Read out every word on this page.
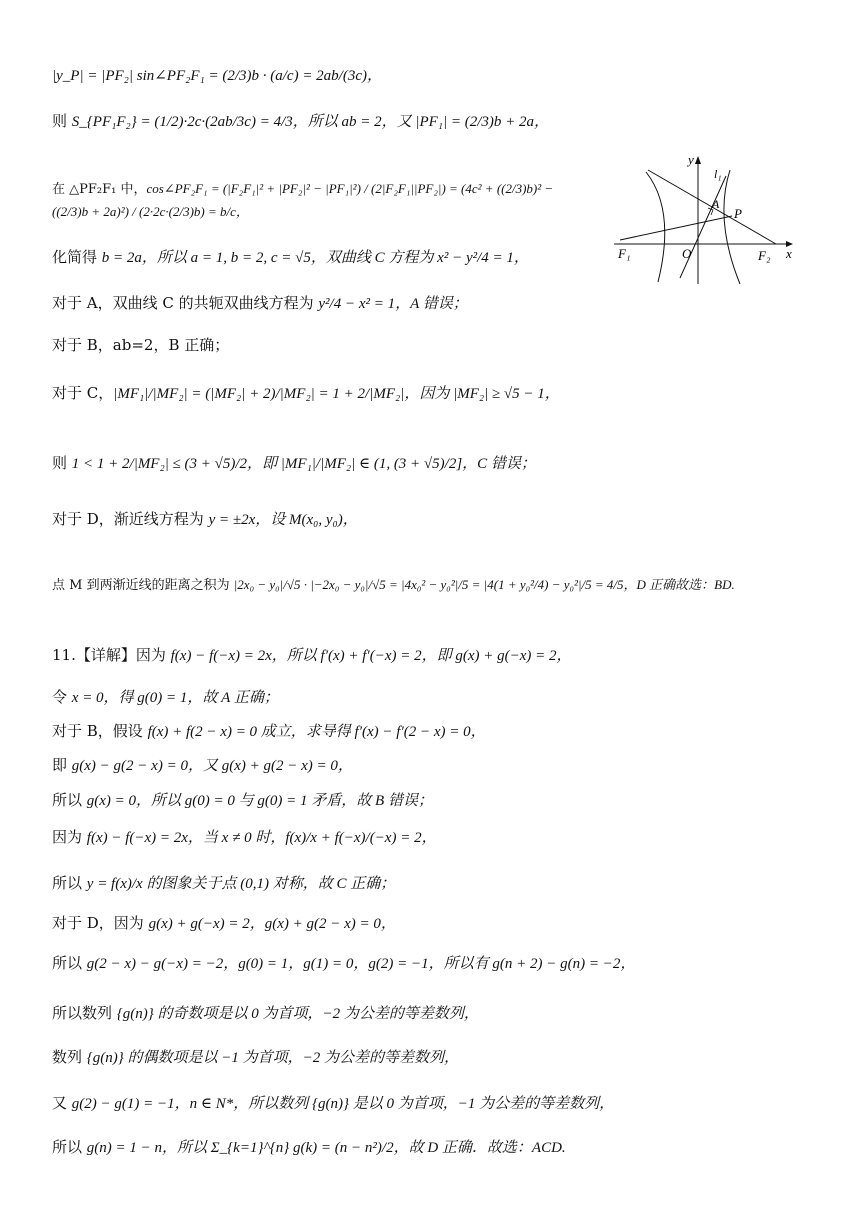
|y_P| = |PF₂| sin∠PF₂F₁ = (2/3)b · (a/c) = 2ab/(3c)，
则 S_{PF₁F₂} = (1/2)·2c·(2ab/3c) = 4/3，所以 ab = 2，又 |PF₁| = (2/3)b + 2a，
在 △PF₂F₁ 中，cos∠PF₂F₁ = (|F₂F₁|² + |PF₂|² − |PF₁|²) / (2|F₂F₁||PF₂|) = (4c² + ((2/3)b)² − ((2/3)b + 2a)²) / (2·2c·(2/3)b) = b/c，
化简得 b = 2a，所以 a = 1, b = 2, c = √5，双曲线 C 方程为 x² − y²/4 = 1，
对于 A，双曲线 C 的共轭双曲线方程为 y²/4 − x² = 1，A 错误；
对于 B，ab=2，B 正确；
对于 C，|MF₁|/|MF₂| = (|MF₂| + 2)/|MF₂| = 1 + 2/|MF₂|，因为 |MF₂| ≥ √5 − 1，
则 1 < 1 + 2/|MF₂| ≤ (3 + √5)/2，即 |MF₁|/|MF₂| ∈ (1, (3 + √5)/2]，C 错误；
对于 D，渐近线方程为 y = ±2x，设 M(x₀, y₀)，
点 M 到两渐近线的距离之积为 |2x₀ − y₀|/√5 · |−2x₀ − y₀|/√5 = |4x₀² − y₀²|/5 = |4(1 + y₀²/4) − y₀²|/5 = 4/5，D 正确故选：BD.
11.【详解】因为 f(x) − f(−x) = 2x，所以 f′(x) + f′(−x) = 2，即 g(x) + g(−x) = 2，
令 x = 0，得 g(0) = 1，故 A 正确；
对于 B，假设 f(x) + f(2 − x) = 0 成立，求导得 f′(x) − f′(2 − x) = 0，
即 g(x) − g(2 − x) = 0，又 g(x) + g(2 − x) = 0，
所以 g(x) = 0，所以 g(0) = 0 与 g(0) = 1 矛盾，故 B 错误；
因为 f(x) − f(−x) = 2x，当 x ≠ 0 时，f(x)/x + f(−x)/(−x) = 2，
所以 y = f(x)/x 的图象关于点 (0,1) 对称，故 C 正确；
对于 D，因为 g(x) + g(−x) = 2，g(x) + g(2 − x) = 0，
所以 g(2 − x) − g(−x) = −2，g(0) = 1，g(1) = 0，g(2) = −1，所以有 g(n + 2) − g(n) = −2，
所以数列 {g(n)} 的奇数项是以 0 为首项，−2 为公差的等差数列，
数列 {g(n)} 的偶数项是以 −1 为首项，−2 为公差的等差数列，
又 g(2) − g(1) = −1，n ∈ N*，所以数列 {g(n)} 是以 0 为首项，−1 为公差的等差数列，
所以 g(n) = 1 − n，所以 Σ_{k=1}^{n} g(k) = (n − n²)/2，故 D 正确．故选：ACD.
y
x
l₁
A
P
F₁	O	F₂
